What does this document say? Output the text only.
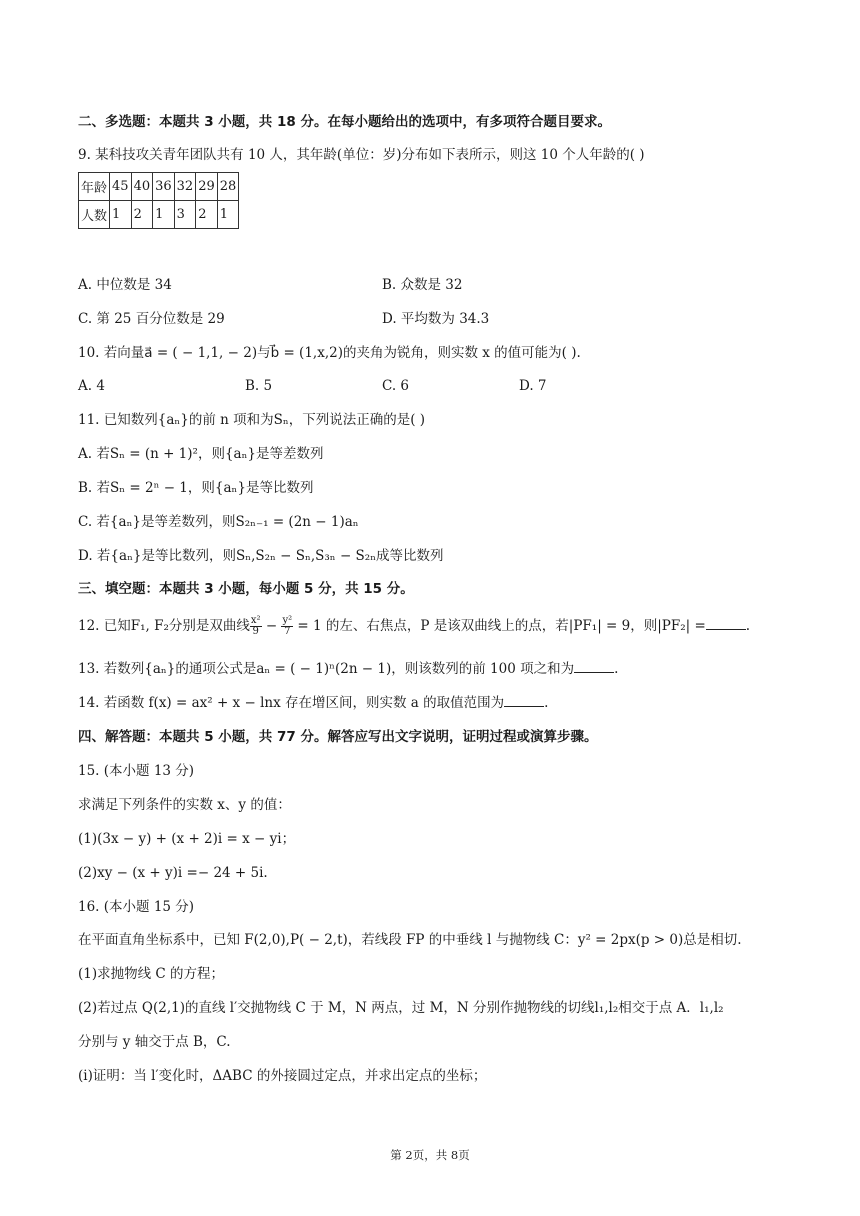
二、多选题：本题共 3 小题，共 18 分。在每小题给出的选项中，有多项符合题目要求。
9. 某科技攻关青年团队共有 10 人，其年龄(单位：岁)分布如下表所示，则这 10 个人年龄的( )
年龄	45	40	36	32	29	28
人数	1	2	1	3	2	1
A. 中位数是 34	B. 众数是 32
C. 第 25 百分位数是 29	D. 平均数为 34.3
10. 若向量a⃗ = ( − 1,1, − 2)与b⃗ = (1,x,2)的夹角为锐角，则实数 x 的值可能为( ).
A. 4	B. 5	C. 6	D. 7
11. 已知数列{aₙ}的前 n 项和为Sₙ，下列说法正确的是( )
A. 若Sₙ = (n + 1)²，则{aₙ}是等差数列
B. 若Sₙ = 2ⁿ − 1，则{aₙ}是等比数列
C. 若{aₙ}是等差数列，则S₂ₙ₋₁ = (2n − 1)aₙ
D. 若{aₙ}是等比数列，则Sₙ,S₂ₙ − Sₙ,S₃ₙ − S₂ₙ成等比数列
三、填空题：本题共 3 小题，每小题 5 分，共 15 分。
12. 已知F₁, F₂分别是双曲线 $\frac{\text{x²}}{9} - \frac{\text{y²}}{7} = 1$ 的左、右焦点，P 是该双曲线上的点，若|PF₁| = 9，则|PF₂| =	.
13. 若数列{aₙ}的通项公式是aₙ = ( − 1)ⁿ(2n − 1)，则该数列的前 100 项之和为	.
14. 若函数 f(x) = ax² + x − lnx 存在增区间，则实数 a 的取值范围为	.
四、解答题：本题共 5 小题，共 77 分。解答应写出文字说明，证明过程或演算步骤。
15. (本小题 13 分)
求满足下列条件的实数 x、y 的值：
(1)(3x − y) + (x + 2)i = x − yi；
(2)xy − (x + y)i =− 24 + 5i.
16. (本小题 15 分)
在平面直角坐标系中，已知 F(2,0),P( − 2,t)，若线段 FP 的中垂线 l 与抛物线 C：y² = 2px(p > 0)总是相切.
(1)求抛物线 C 的方程；
(2)若过点 Q(2,1)的直线 l′交抛物线 C 于 M，N 两点，过 M，N 分别作抛物线的切线l₁,l₂相交于点 A．l₁,l₂
分别与 y 轴交于点 B，C.
(i)证明：当 l′变化时，ΔABC 的外接圆过定点，并求出定点的坐标；
第 2页，共 8页
